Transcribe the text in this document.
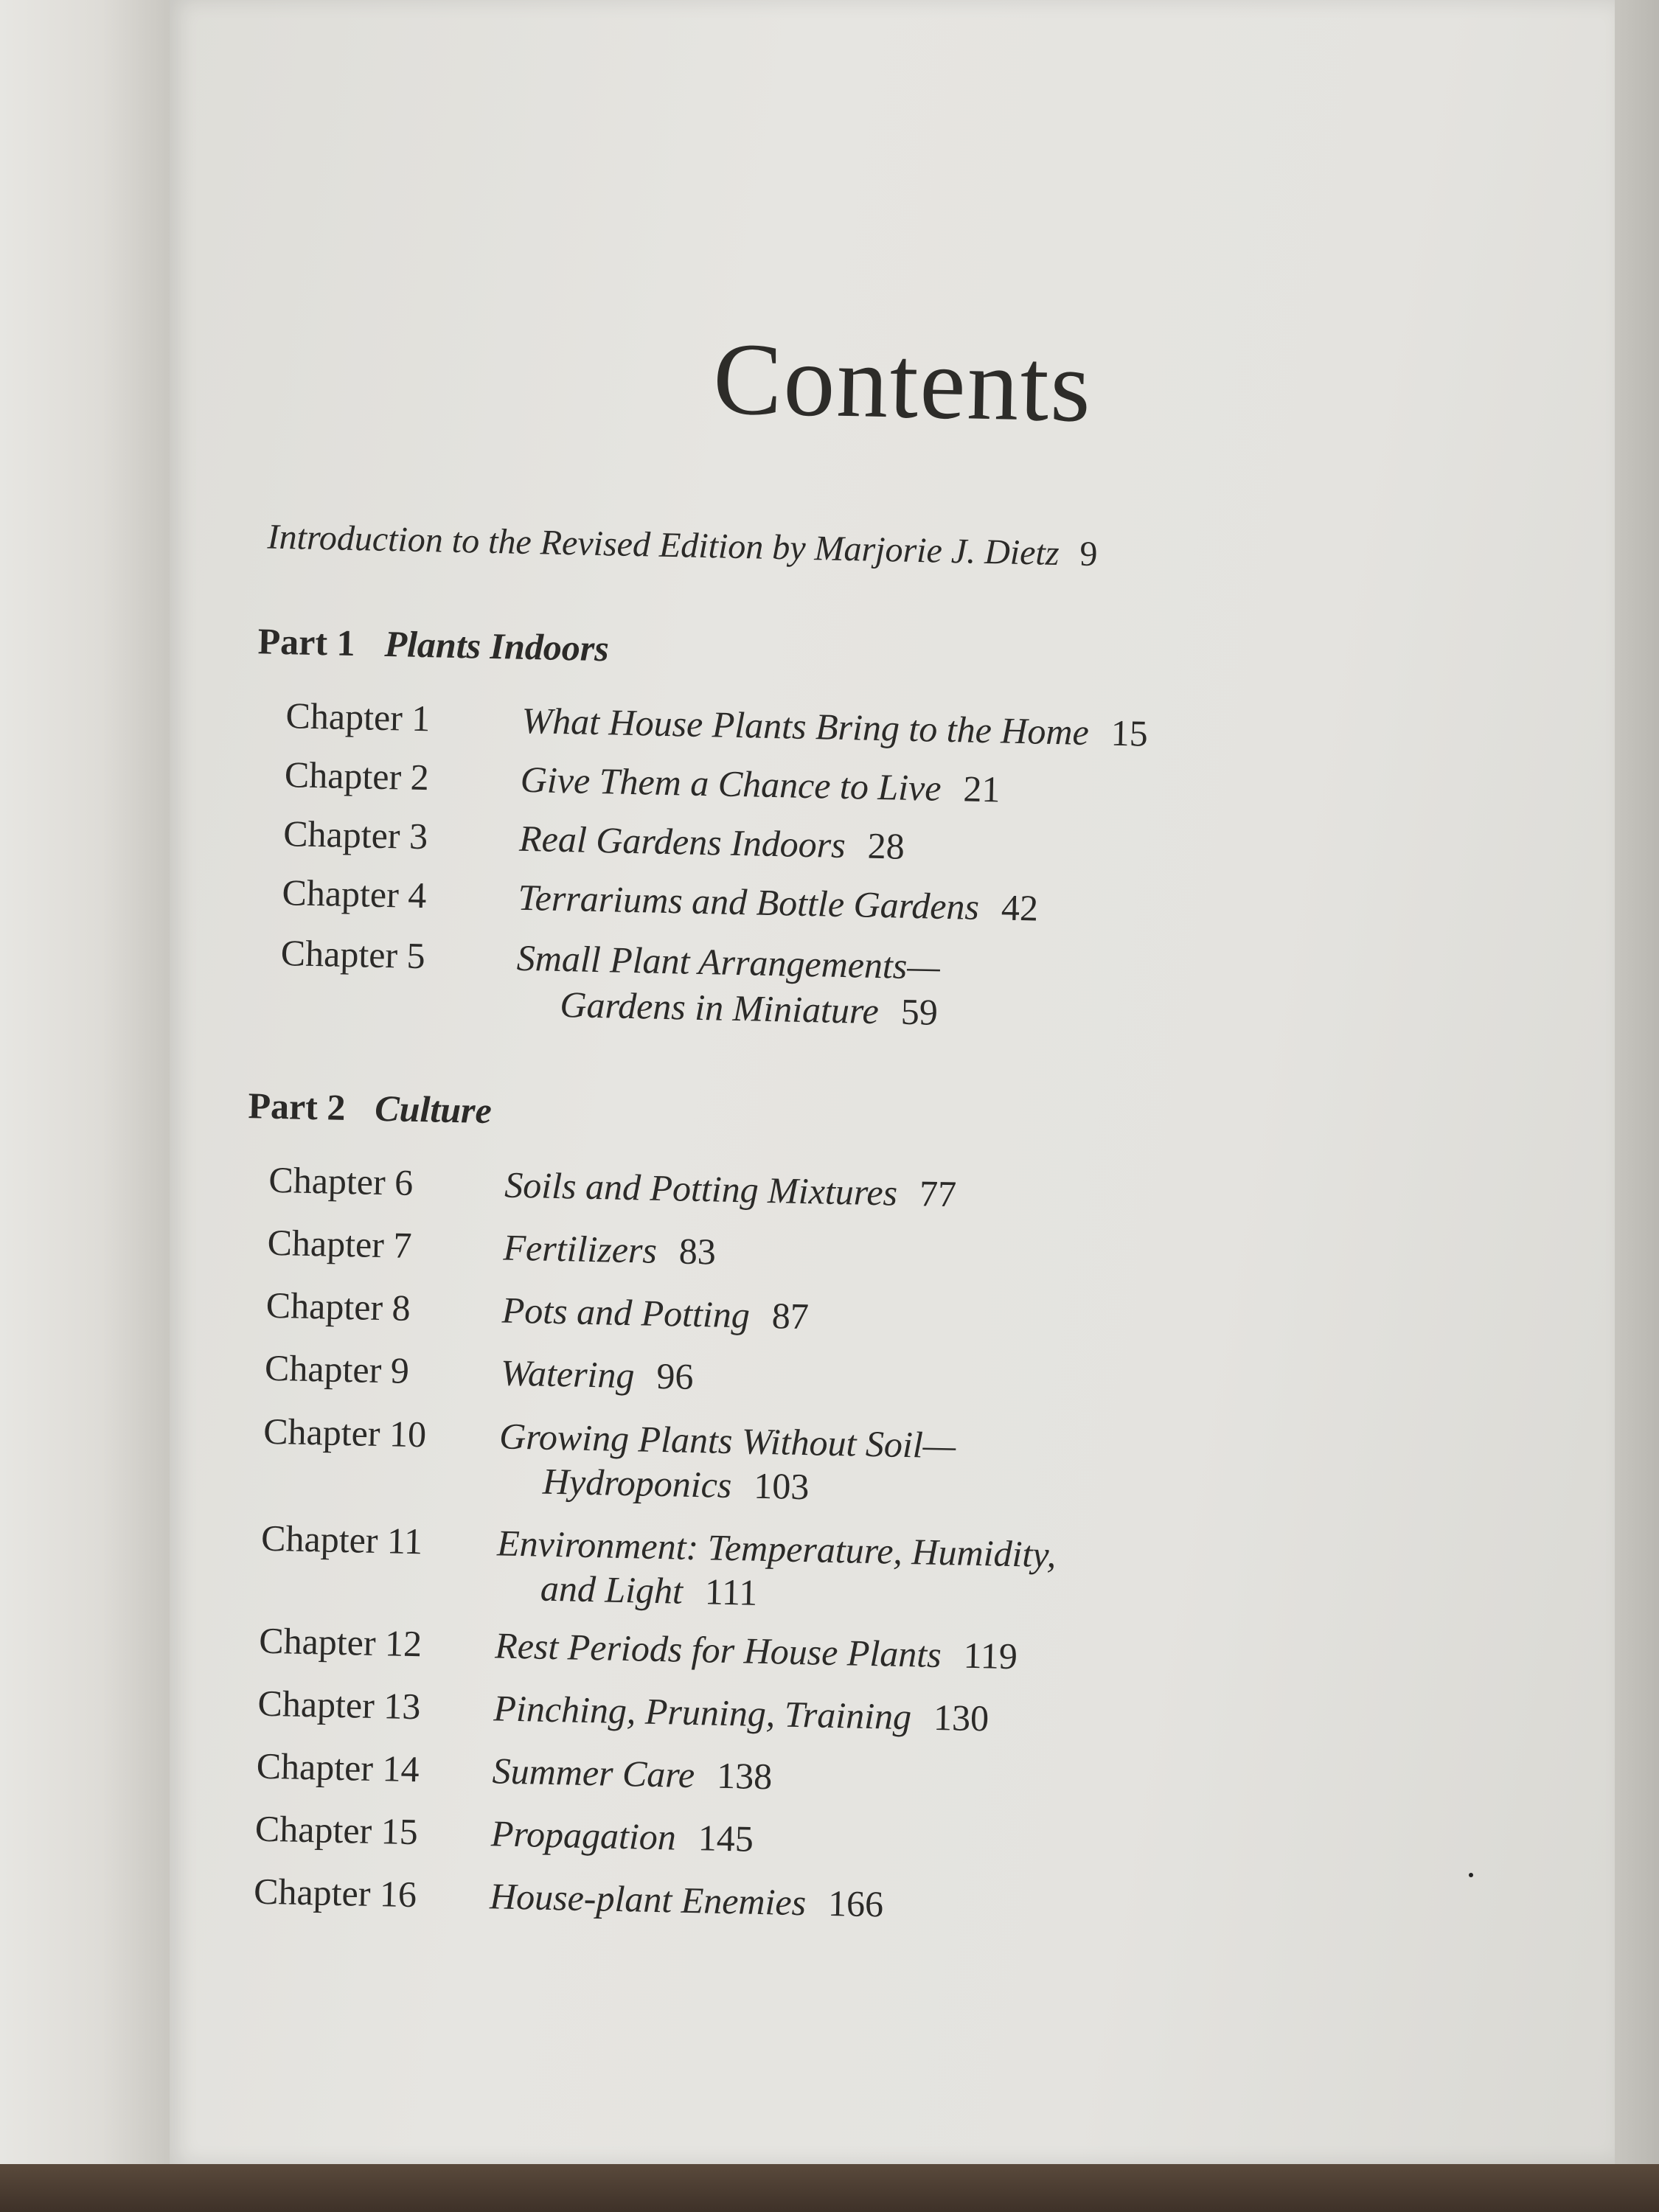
Contents
Introduction to the Revised Edition by Marjorie J. Dietz 9
Part 1 Plants Indoors
Chapter 1 What House Plants Bring to the Home 15
Chapter 2 Give Them a Chance to Live 21
Chapter 3 Real Gardens Indoors 28
Chapter 4 Terrariums and Bottle Gardens 42
Chapter 5 Small Plant Arrangements—
Gardens in Miniature 59
Part 2 Culture
Chapter 6 Soils and Potting Mixtures 77
Chapter 7 Fertilizers 83
Chapter 8 Pots and Potting 87
Chapter 9 Watering 96
Chapter 10 Growing Plants Without Soil—
Hydroponics 103
Chapter 11 Environment: Temperature, Humidity,
and Light 111
Chapter 12 Rest Periods for House Plants 119
Chapter 13 Pinching, Pruning, Training 130
Chapter 14 Summer Care 138
Chapter 15 Propagation 145
Chapter 16 House-plant Enemies 166
